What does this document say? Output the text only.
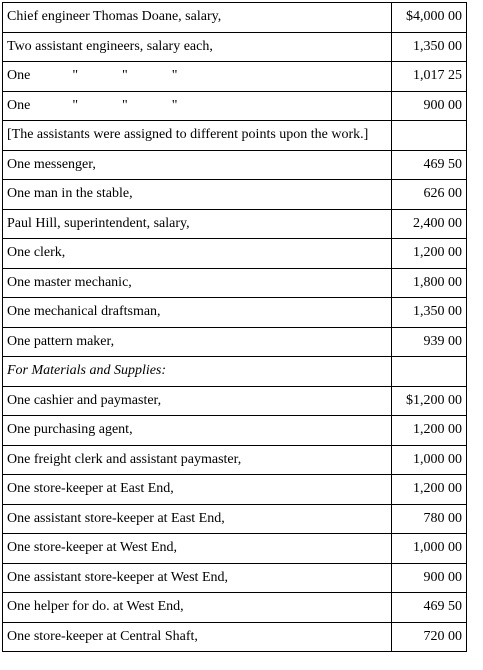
Chief engineer Thomas Doane, salary,	$4,000 00
Two assistant engineers, salary each,	1,350 00
One " " "	1,017 25
One " " "	900 00
[The assistants were assigned to different points upon the work.]	
One messenger,	469 50
One man in the stable,	626 00
Paul Hill, superintendent, salary,	2,400 00
One clerk,	1,200 00
One master mechanic,	1,800 00
One mechanical draftsman,	1,350 00
One pattern maker,	939 00
For Materials and Supplies:	
One cashier and paymaster,	$1,200 00
One purchasing agent,	1,200 00
One freight clerk and assistant paymaster,	1,000 00
One store-keeper at East End,	1,200 00
One assistant store-keeper at East End,	780 00
One store-keeper at West End,	1,000 00
One assistant store-keeper at West End,	900 00
One helper for do. at West End,	469 50
One store-keeper at Central Shaft,	720 00
